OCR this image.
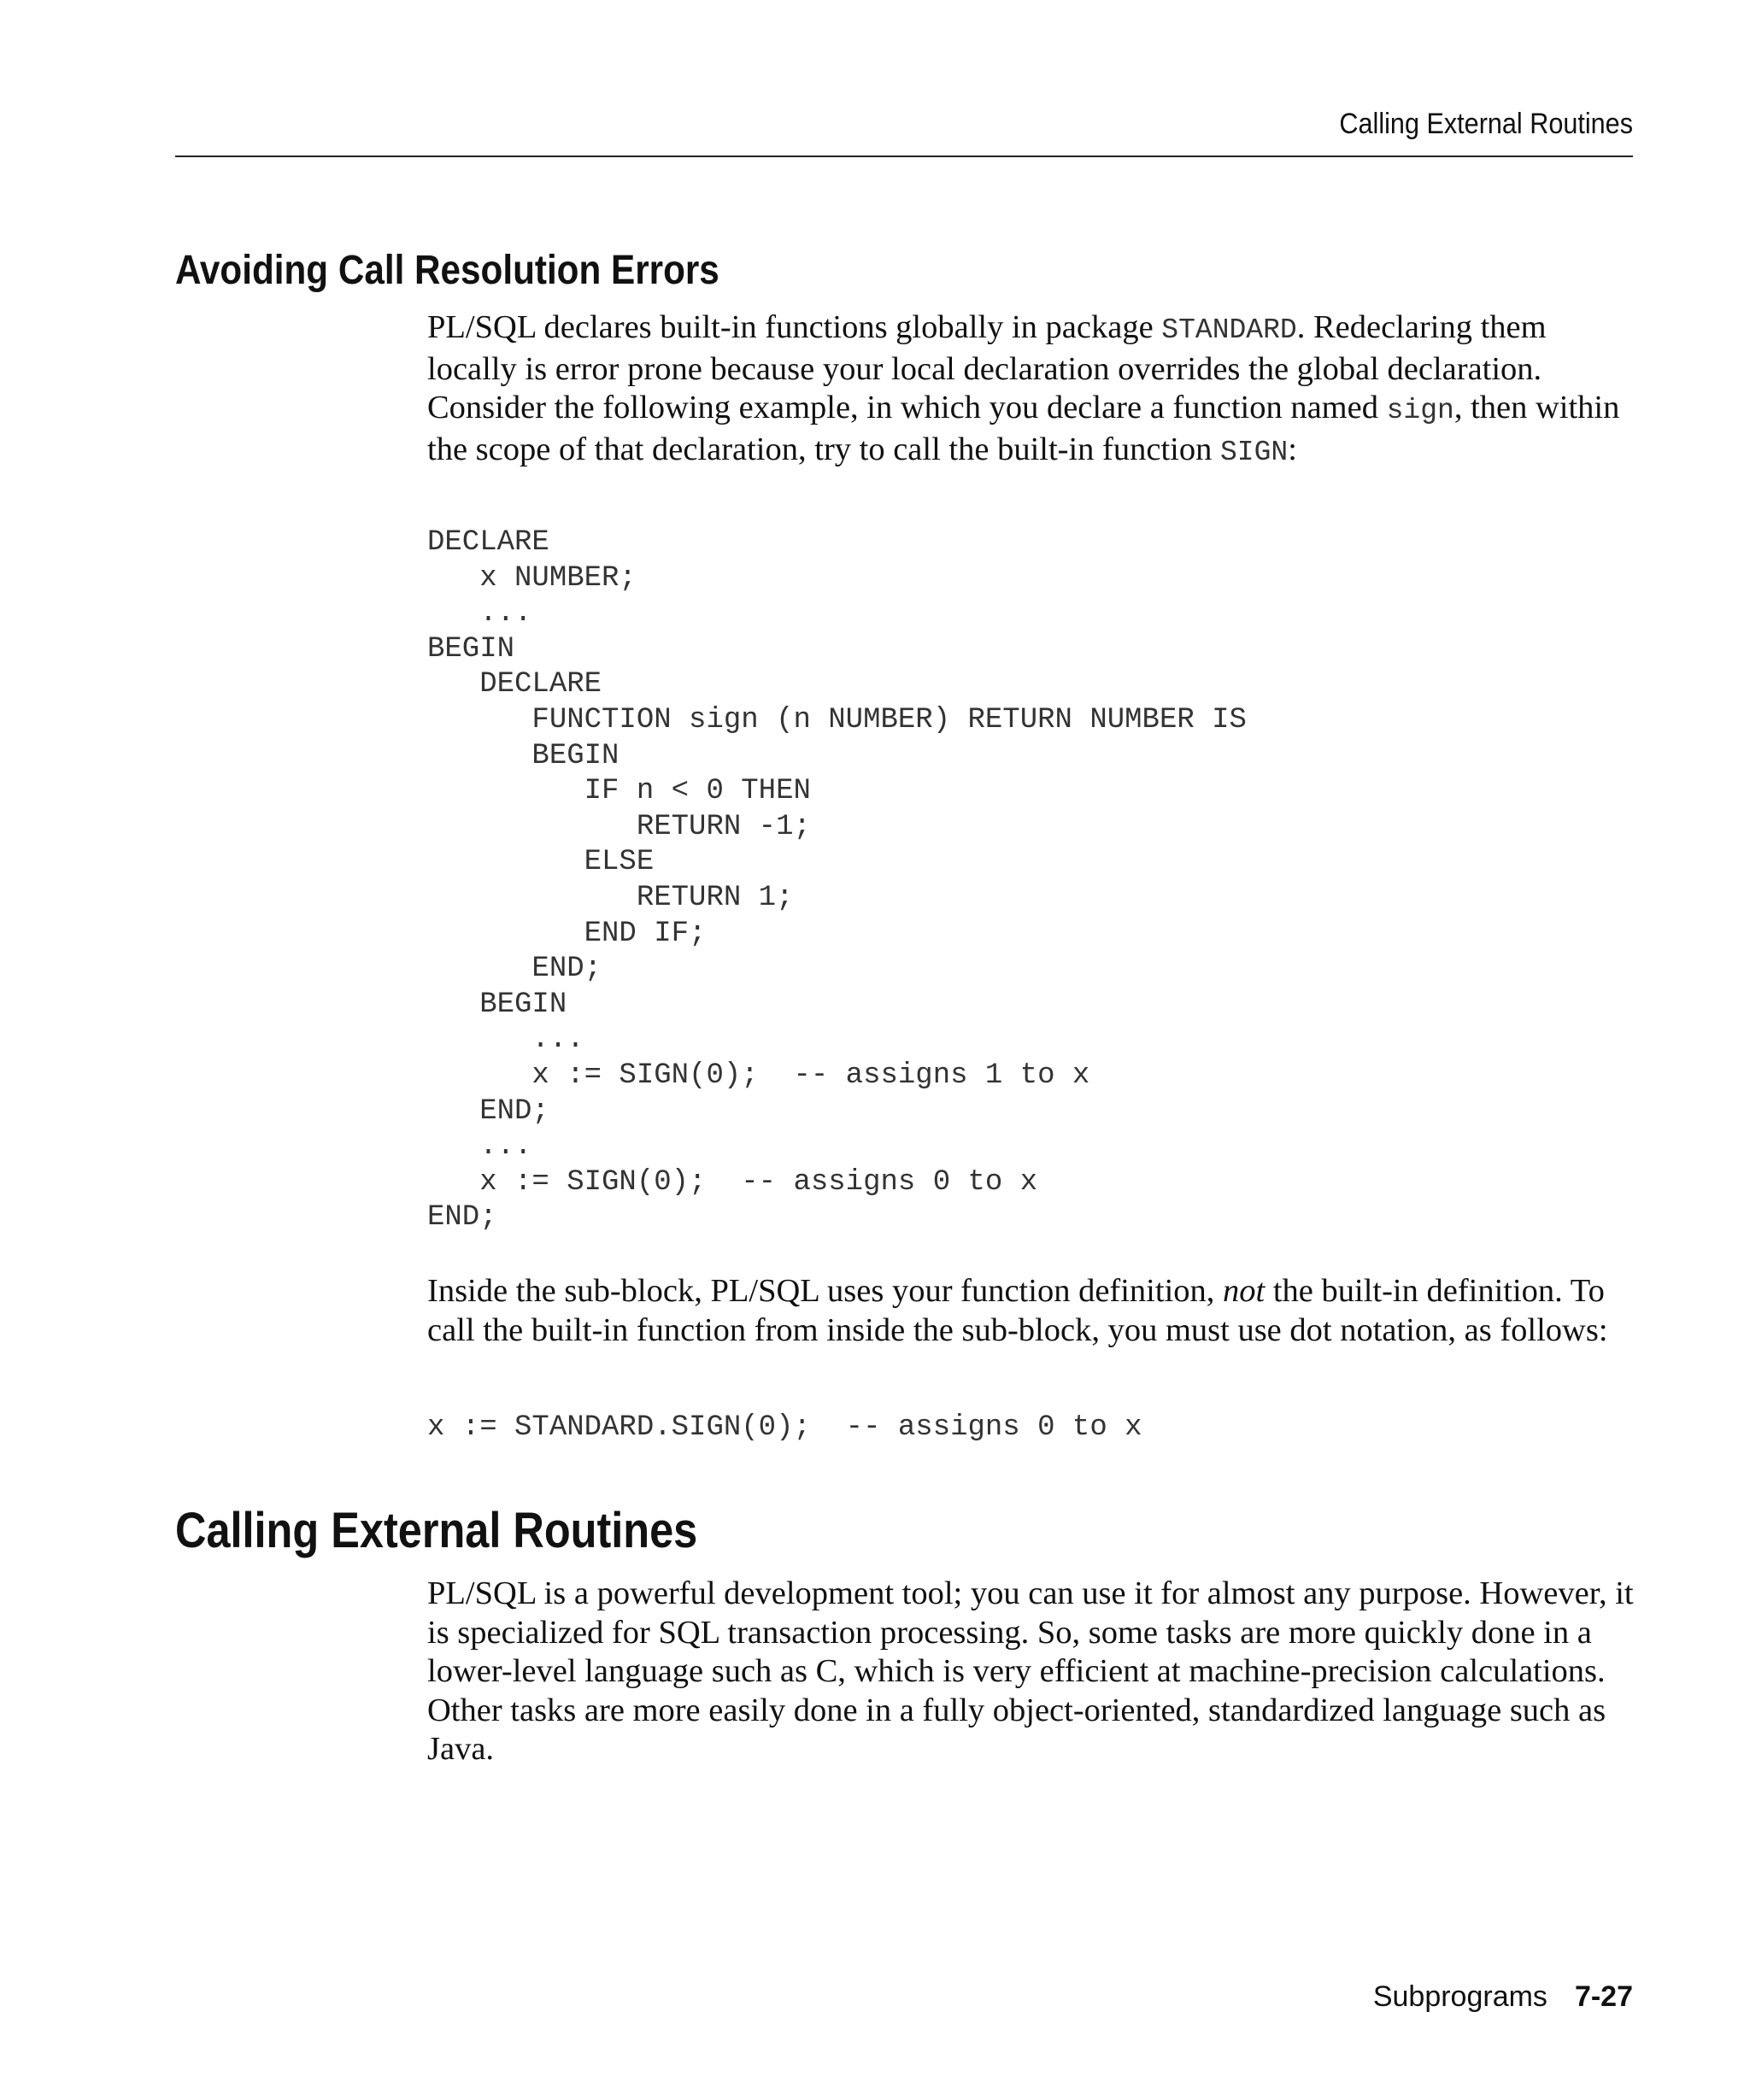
Calling External Routines
Avoiding Call Resolution Errors

PL/SQL declares built-in functions globally in package STANDARD. Redeclaring them locally is error prone because your local declaration overrides the global declaration. Consider the following example, in which you declare a function named sign, then within the scope of that declaration, try to call the built-in function SIGN:

DECLARE
x NUMBER;
...
BEGIN
DECLARE
FUNCTION sign (n NUMBER) RETURN NUMBER IS
BEGIN
IF n < 0 THEN
RETURN -1;
ELSE
RETURN 1;
END IF;
END;
BEGIN
...
x := SIGN(0);  -- assigns 1 to x
END;
...
x := SIGN(0);  -- assigns 0 to x
END;

Inside the sub-block, PL/SQL uses your function definition, not the built-in definition. To call the built-in function from inside the sub-block, you must use dot notation, as follows:

x := STANDARD.SIGN(0);  -- assigns 0 to x
Calling External Routines

PL/SQL is a powerful development tool; you can use it for almost any purpose. However, it is specialized for SQL transaction processing. So, some tasks are more quickly done in a lower-level language such as C, which is very efficient at machine-precision calculations. Other tasks are more easily done in a fully object-oriented, standardized language such as Java.

Subprograms 7-27
